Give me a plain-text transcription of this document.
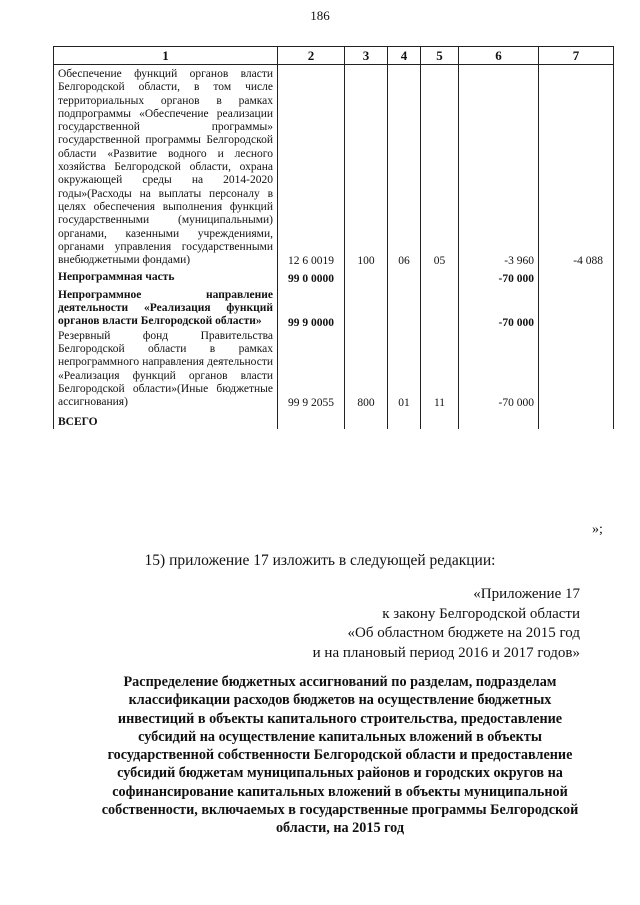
186
1	2	3	4	5	6	7
Обеспечение функций органов власти Белгородской области, в том числе территориальных органов в рамках подпрограммы «Обеспечение реализации государственной программы» государственной программы Белгородской области «Развитие водного и лесного хозяйства Белгородской области, охрана окружающей среды на 2014-2020 годы»(Расходы на выплаты персоналу в целях обеспечения выполнения функций государственными (муниципальными) органами, казенными учреждениями, органами управления государственными внебюджетными фондами)	12 6 0019	100	06	05	-3 960	-4 088
Непрограммная часть	99 0 0000				-70 000	
Непрограммное направление деятельности «Реализация функций органов власти Белгородской области»	99 9 0000				-70 000	
Резервный фонд Правительства Белгородской области в рамках непрограммного направления деятельности «Реализация функций органов власти Белгородской области»(Иные бюджетные ассигнования)	99 9 2055	800	01	11	-70 000	
ВСЕГО						
»;
15) приложение 17 изложить в следующей редакции:
«Приложение 17
к закону Белгородской области
«Об областном бюджете на 2015 год
и на плановый период 2016 и 2017 годов»
Распределение бюджетных ассигнований по разделам, подразделам классификации расходов бюджетов на осуществление бюджетных инвестиций в объекты капитального строительства, предоставление субсидий на осуществление капитальных вложений в объекты государственной собственности Белгородской области и предоставление субсидий бюджетам муниципальных районов и городских округов на софинансирование капитальных вложений в объекты муниципальной собственности, включаемых в государственные программы Белгородской области, на 2015 год
